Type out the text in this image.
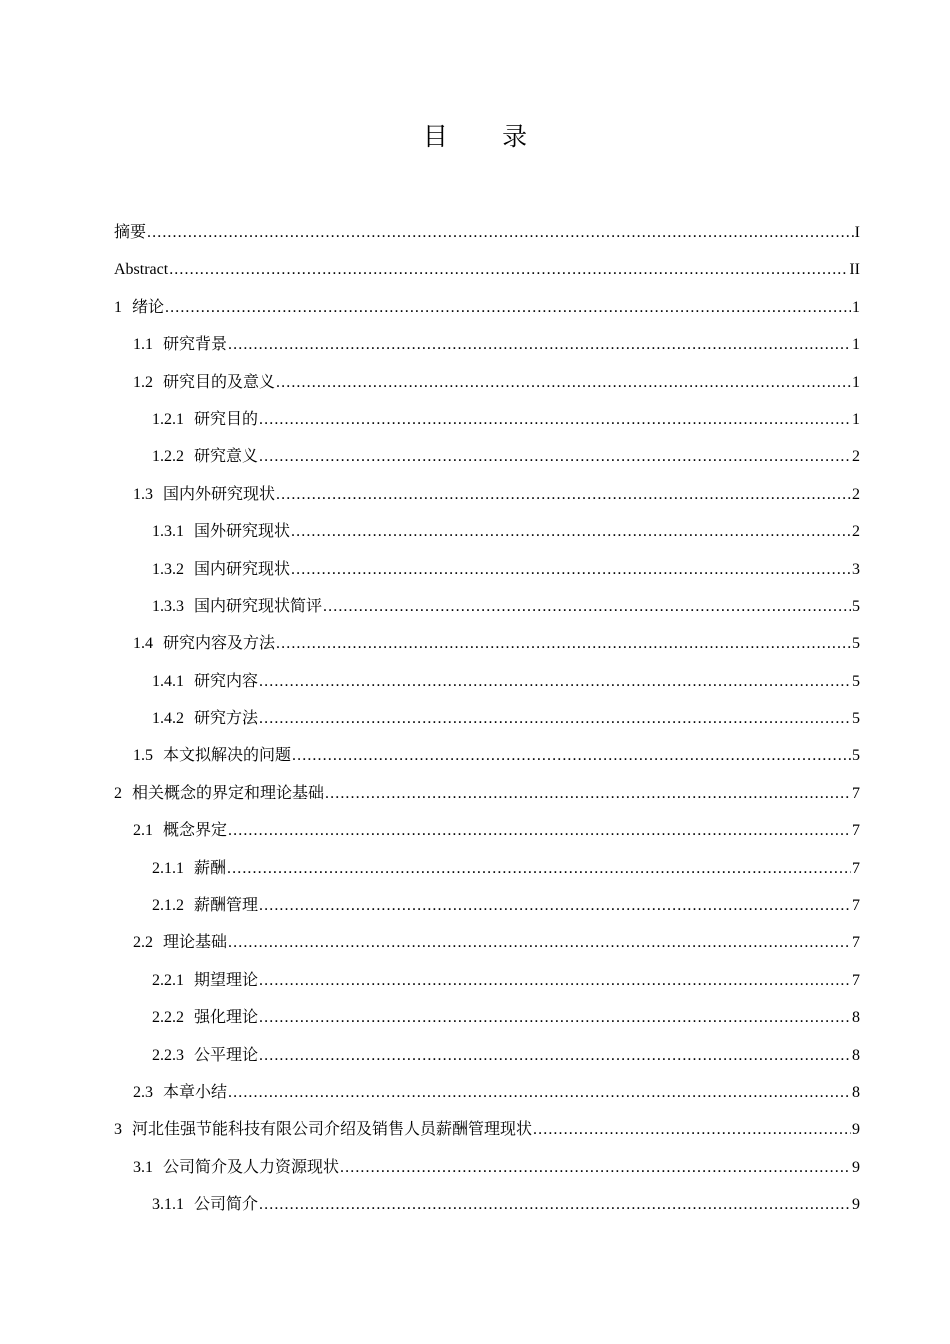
目 录
摘要 .....	I
Abstract .....	II
1 绪论 .....	1
1.1 研究背景 .....	1
1.2 研究目的及意义 .....	1
1.2.1 研究目的 .....	1
1.2.2 研究意义 .....	2
1.3 国内外研究现状 .....	2
1.3.1 国外研究现状 .....	2
1.3.2 国内研究现状 .....	3
1.3.3 国内研究现状简评 .....	5
1.4 研究内容及方法 .....	5
1.4.1 研究内容 .....	5
1.4.2 研究方法 .....	5
1.5 本文拟解决的问题 .....	5
2 相关概念的界定和理论基础 .....	7
2.1 概念界定 .....	7
2.1.1 薪酬 .....	7
2.1.2 薪酬管理 .....	7
2.2 理论基础 .....	7
2.2.1 期望理论 .....	7
2.2.2 强化理论 .....	8
2.2.3 公平理论 .....	8
2.3 本章小结 .....	8
3 河北佳强节能科技有限公司介绍及销售人员薪酬管理现状 .....	9
3.1 公司简介及人力资源现状 .....	9
3.1.1 公司简介 .....	9
